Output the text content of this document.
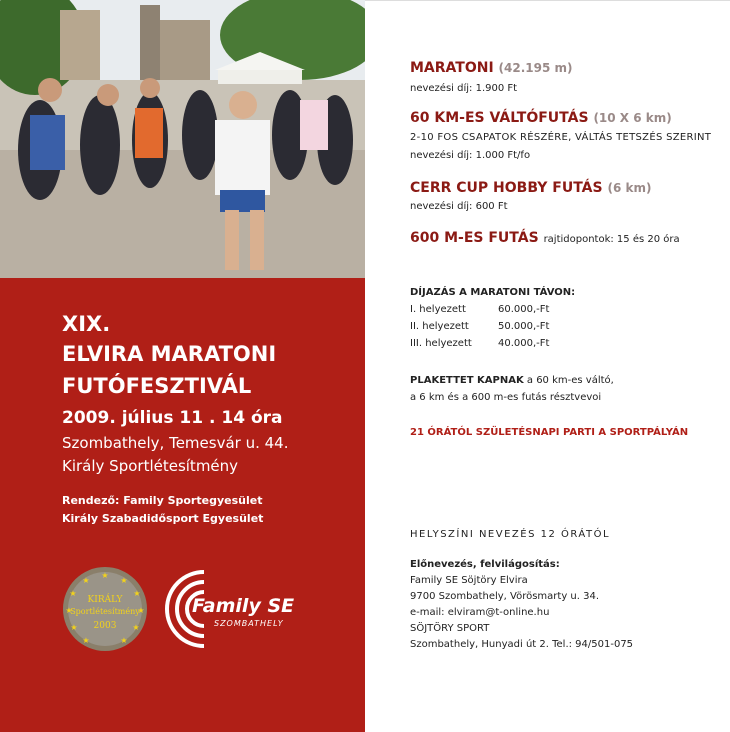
XIX.
ELVIRA MARATONI
FUTÓFESZTIVÁL
2009. július 11 . 14 óra
Szombathely, Temesvár u. 44.
Király Sportlétesítmény
Rendező: Family Sportegyesület
Király Szabadidősport Egyesület
★
★
★
★
★
★
★
★
★
★
★
KIRÁLY
Sportlétesítmény
2003
Family SE
SZOMBATHELY
MARATONI (42.195 m)
nevezési díj: 1.900 Ft
60 KM-ES VÁLTÓFUTÁS (10 X 6 km)
2-10 FOS CSAPATOK RÉSZÉRE, VÁLTÁS TETSZÉS SZERINT
nevezési díj: 1.000 Ft/fo
CERR CUP HOBBY FUTÁS (6 km)
nevezési díj: 600 Ft
600 M-ES FUTÁS rajtidopontok: 15 és 20 óra
DÍJAZÁS A MARATONI TÁVON:
I. helyezett	60.000,-Ft
II. helyezett	50.000,-Ft
III. helyezett	40.000,-Ft
PLAKETTET KAPNAK a 60 km-es váltó,
a 6 km és a 600 m-es futás résztvevoi
21 ÓRÁTÓL SZÜLETÉSNAPI PARTI A SPORTPÁLYÁN
HELYSZÍNI NEVEZÉS 12 ÓRÁTÓL
Előnevezés, felvilágosítás:
Family SE Söjtöry Elvira
9700 Szombathely, Vörösmarty u. 34.
e-mail: elviram@t-online.hu
SÖJTÖRY SPORT
Szombathely, Hunyadi út 2. Tel.: 94/501-075
